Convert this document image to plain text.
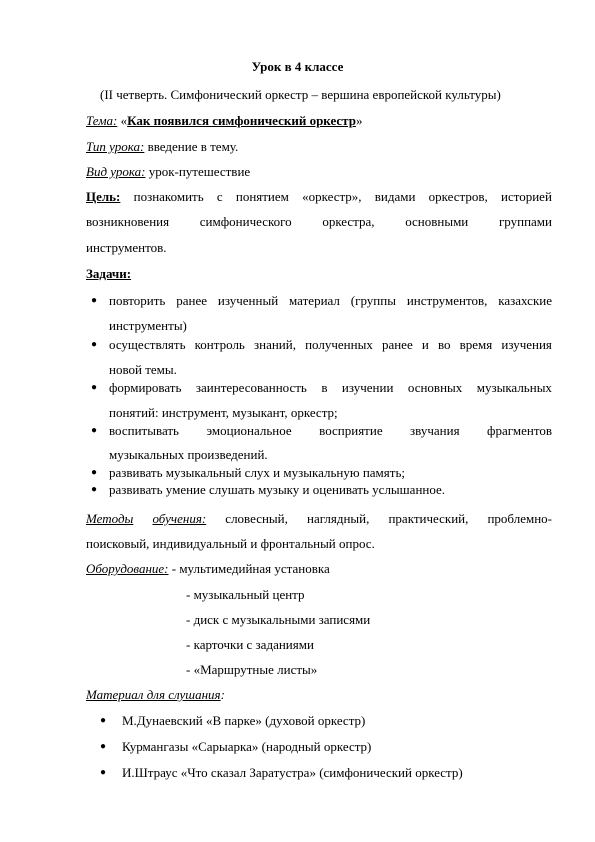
Урок в 4 классе
(II четверть. Симфонический оркестр – вершина европейской культуры)
Тема: «Как появился симфонический оркестр»
Тип урока: введение в тему.
Вид урока: урок-путешествие
Цель: познакомить с понятием «оркестр», видами оркестров, историей
возникновения симфонического оркестра, основными группами
инструментов.
Задачи:
● повторить ранее изученный материал (группы инструментов, казахские
инструменты)
● осуществлять контроль знаний, полученных ранее и во время изучения
новой темы.
● формировать заинтересованность в изучении основных музыкальных
понятий: инструмент, музыкант, оркестр;
● воспитывать эмоциональное восприятие звучания фрагментов
музыкальных произведений.
● развивать музыкальный слух и музыкальную память;
● развивать умение слушать музыку и оценивать услышанное.
Методы обучения: словесный, наглядный, практический, проблемно-
поисковый, индивидуальный и фронтальный опрос.
Оборудование: - мультимедийная установка
- музыкальный центр
- диск с музыкальными записями
- карточки с заданиями
- «Маршрутные листы»
Материал для слушания:
● М.Дунаевский «В парке» (духовой оркестр)
● Курмангазы «Сарыарка» (народный оркестр)
● И.Штраус «Что сказал Заратустра» (симфонический оркестр)
